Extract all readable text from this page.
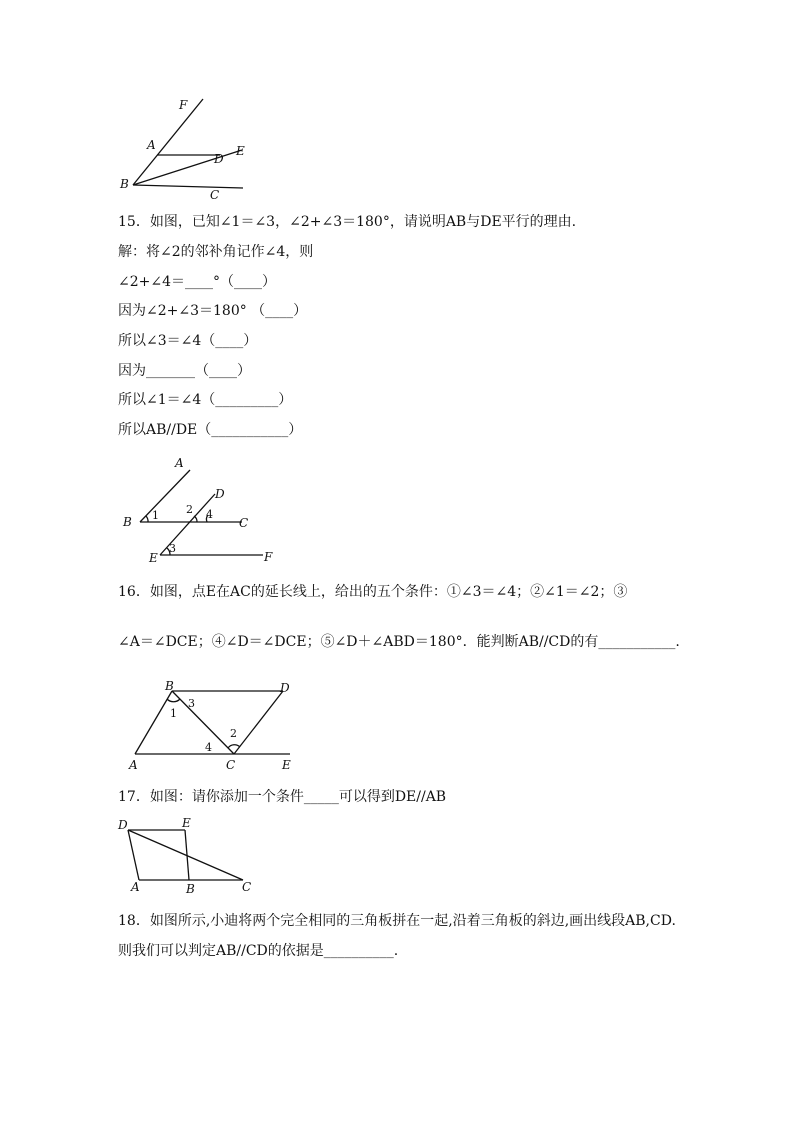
F
A
D
E
B
C
15．如图，已知∠1＝∠3，∠2+∠3＝180°，请说明AB与DE平行的理由.
解：将∠2的邻补角记作∠4，则
∠2+∠4＝____°（____）
因为∠2+∠3＝180° （____）
所以∠3＝∠4（____）
因为_______（____）
所以∠1＝∠4（_________）
所以AB//DE（___________）
A
D
B 1 2 4
C
E
3
F
16．如图，点E在AC的延长线上，给出的五个条件：①∠3＝∠4；②∠1＝∠2；③
∠A＝∠DCE；④∠D＝∠DCE；⑤∠D＋∠ABD＝180°．能判断AB//CD的有___________.
B	D
1
3
2
4
A	C	E
17．如图：请你添加一个条件_____可以得到DE//AB
D	E
A	B	C
18．如图所示,小迪将两个完全相同的三角板拼在一起,沿着三角板的斜边,画出线段AB,CD.
则我们可以判定AB//CD的依据是__________.
